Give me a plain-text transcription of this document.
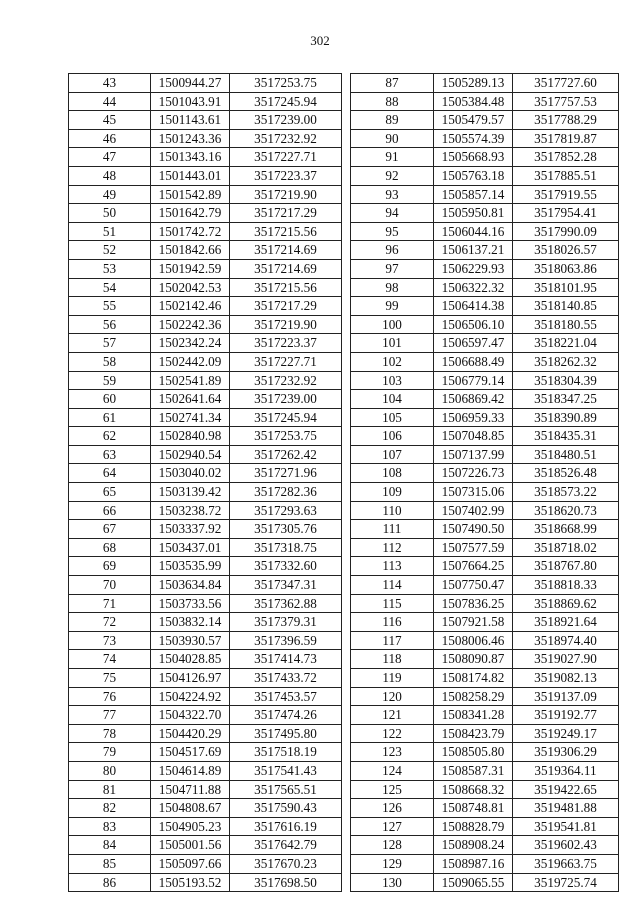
302
43	1500944.27	3517253.75
44	1501043.91	3517245.94
45	1501143.61	3517239.00
46	1501243.36	3517232.92
47	1501343.16	3517227.71
48	1501443.01	3517223.37
49	1501542.89	3517219.90
50	1501642.79	3517217.29
51	1501742.72	3517215.56
52	1501842.66	3517214.69
53	1501942.59	3517214.69
54	1502042.53	3517215.56
55	1502142.46	3517217.29
56	1502242.36	3517219.90
57	1502342.24	3517223.37
58	1502442.09	3517227.71
59	1502541.89	3517232.92
60	1502641.64	3517239.00
61	1502741.34	3517245.94
62	1502840.98	3517253.75
63	1502940.54	3517262.42
64	1503040.02	3517271.96
65	1503139.42	3517282.36
66	1503238.72	3517293.63
67	1503337.92	3517305.76
68	1503437.01	3517318.75
69	1503535.99	3517332.60
70	1503634.84	3517347.31
71	1503733.56	3517362.88
72	1503832.14	3517379.31
73	1503930.57	3517396.59
74	1504028.85	3517414.73
75	1504126.97	3517433.72
76	1504224.92	3517453.57
77	1504322.70	3517474.26
78	1504420.29	3517495.80
79	1504517.69	3517518.19
80	1504614.89	3517541.43
81	1504711.88	3517565.51
82	1504808.67	3517590.43
83	1504905.23	3517616.19
84	1505001.56	3517642.79
85	1505097.66	3517670.23
86	1505193.52	3517698.50
87	1505289.13	3517727.60
88	1505384.48	3517757.53
89	1505479.57	3517788.29
90	1505574.39	3517819.87
91	1505668.93	3517852.28
92	1505763.18	3517885.51
93	1505857.14	3517919.55
94	1505950.81	3517954.41
95	1506044.16	3517990.09
96	1506137.21	3518026.57
97	1506229.93	3518063.86
98	1506322.32	3518101.95
99	1506414.38	3518140.85
100	1506506.10	3518180.55
101	1506597.47	3518221.04
102	1506688.49	3518262.32
103	1506779.14	3518304.39
104	1506869.42	3518347.25
105	1506959.33	3518390.89
106	1507048.85	3518435.31
107	1507137.99	3518480.51
108	1507226.73	3518526.48
109	1507315.06	3518573.22
110	1507402.99	3518620.73
111	1507490.50	3518668.99
112	1507577.59	3518718.02
113	1507664.25	3518767.80
114	1507750.47	3518818.33
115	1507836.25	3518869.62
116	1507921.58	3518921.64
117	1508006.46	3518974.40
118	1508090.87	3519027.90
119	1508174.82	3519082.13
120	1508258.29	3519137.09
121	1508341.28	3519192.77
122	1508423.79	3519249.17
123	1508505.80	3519306.29
124	1508587.31	3519364.11
125	1508668.32	3519422.65
126	1508748.81	3519481.88
127	1508828.79	3519541.81
128	1508908.24	3519602.43
129	1508987.16	3519663.75
130	1509065.55	3519725.74
